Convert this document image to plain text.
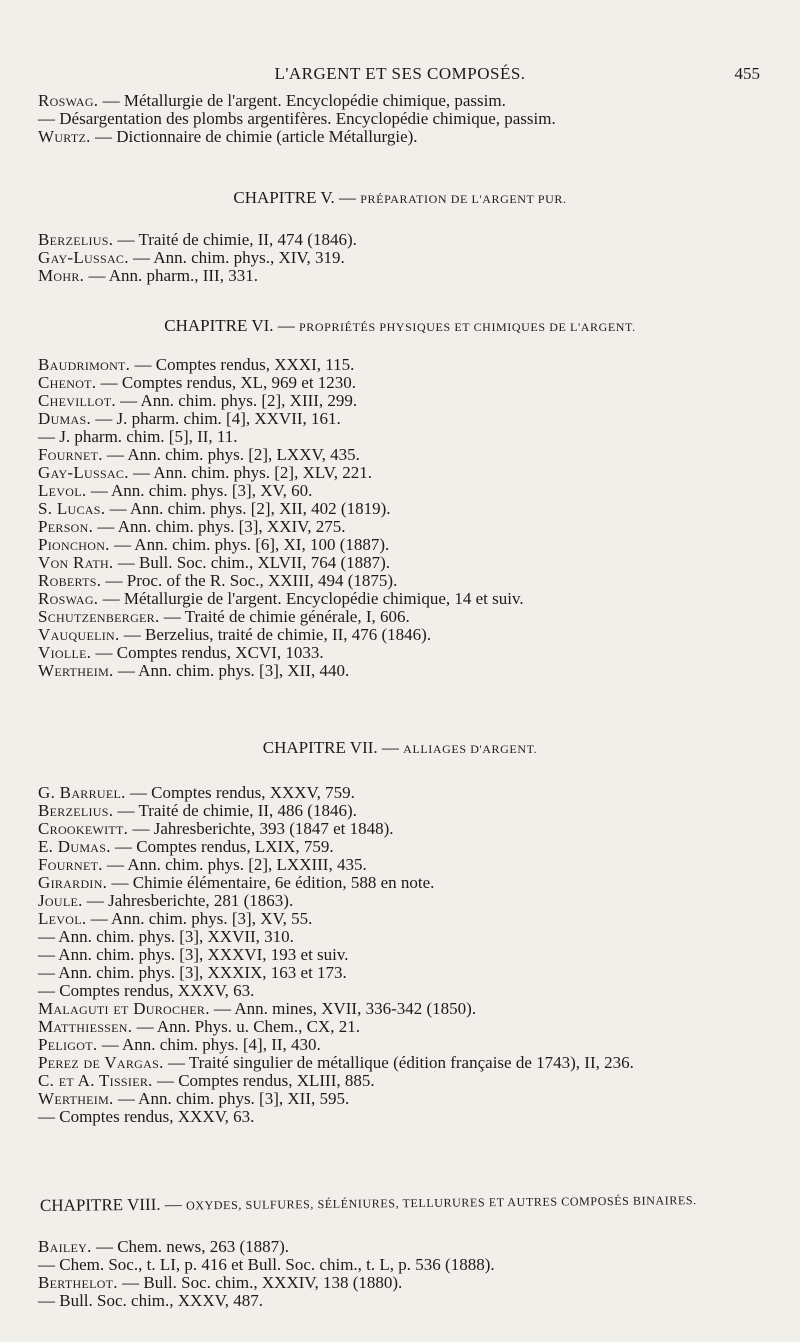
L'ARGENT ET SES COMPOSÉS.	455
Roswag. — Métallurgie de l'argent. Encyclopédie chimique, passim.
— Désargentation des plombs argentifères. Encyclopédie chimique, passim.
Wurtz. — Dictionnaire de chimie (article Métallurgie).
CHAPITRE V. — PRÉPARATION DE L'ARGENT PUR.
Berzelius. — Traité de chimie, II, 474 (1846).
Gay-Lussac. — Ann. chim. phys., XIV, 319.
Mohr. — Ann. pharm., III, 331.
CHAPITRE VI. — PROPRIÉTÉS PHYSIQUES ET CHIMIQUES DE L'ARGENT.
Baudrimont. — Comptes rendus, XXXI, 115.
Chenot. — Comptes rendus, XL, 969 et 1230.
Chevillot. — Ann. chim. phys. [2], XIII, 299.
Dumas. — J. pharm. chim. [4], XXVII, 161.
— J. pharm. chim. [5], II, 11.
Fournet. — Ann. chim. phys. [2], LXXV, 435.
Gay-Lussac. — Ann. chim. phys. [2], XLV, 221.
Levol. — Ann. chim. phys. [3], XV, 60.
S. Lucas. — Ann. chim. phys. [2], XII, 402 (1819).
Person. — Ann. chim. phys. [3], XXIV, 275.
Pionchon. — Ann. chim. phys. [6], XI, 100 (1887).
Von Rath. — Bull. Soc. chim., XLVII, 764 (1887).
Roberts. — Proc. of the R. Soc., XXIII, 494 (1875).
Roswag. — Métallurgie de l'argent. Encyclopédie chimique, 14 et suiv.
Schutzenberger. — Traité de chimie générale, I, 606.
Vauquelin. — Berzelius, traité de chimie, II, 476 (1846).
Violle. — Comptes rendus, XCVI, 1033.
Wertheim. — Ann. chim. phys. [3], XII, 440.
CHAPITRE VII. — ALLIAGES D'ARGENT.
G. Barruel. — Comptes rendus, XXXV, 759.
Berzelius. — Traité de chimie, II, 486 (1846).
Crookewitt. — Jahresberichte, 393 (1847 et 1848).
E. Dumas. — Comptes rendus, LXIX, 759.
Fournet. — Ann. chim. phys. [2], LXXIII, 435.
Girardin. — Chimie élémentaire, 6e édition, 588 en note.
Joule. — Jahresberichte, 281 (1863).
Levol. — Ann. chim. phys. [3], XV, 55.
— Ann. chim. phys. [3], XXVII, 310.
— Ann. chim. phys. [3], XXXVI, 193 et suiv.
— Ann. chim. phys. [3], XXXIX, 163 et 173.
— Comptes rendus, XXXV, 63.
Malaguti et Durocher. — Ann. mines, XVII, 336-342 (1850).
Matthiessen. — Ann. Phys. u. Chem., CX, 21.
Peligot. — Ann. chim. phys. [4], II, 430.
Perez de Vargas. — Traité singulier de métallique (édition française de 1743), II, 236.
C. et A. Tissier. — Comptes rendus, XLIII, 885.
Wertheim. — Ann. chim. phys. [3], XII, 595.
— Comptes rendus, XXXV, 63.
CHAPITRE VIII. — OXYDES, SULFURES, SÉLÉNIURES, TELLURURES ET AUTRES COMPOSÉS BINAIRES.
Bailey. — Chem. news, 263 (1887).
— Chem. Soc., t. LI, p. 416 et Bull. Soc. chim., t. L, p. 536 (1888).
Berthelot. — Bull. Soc. chim., XXXIV, 138 (1880).
— Bull. Soc. chim., XXXV, 487.
